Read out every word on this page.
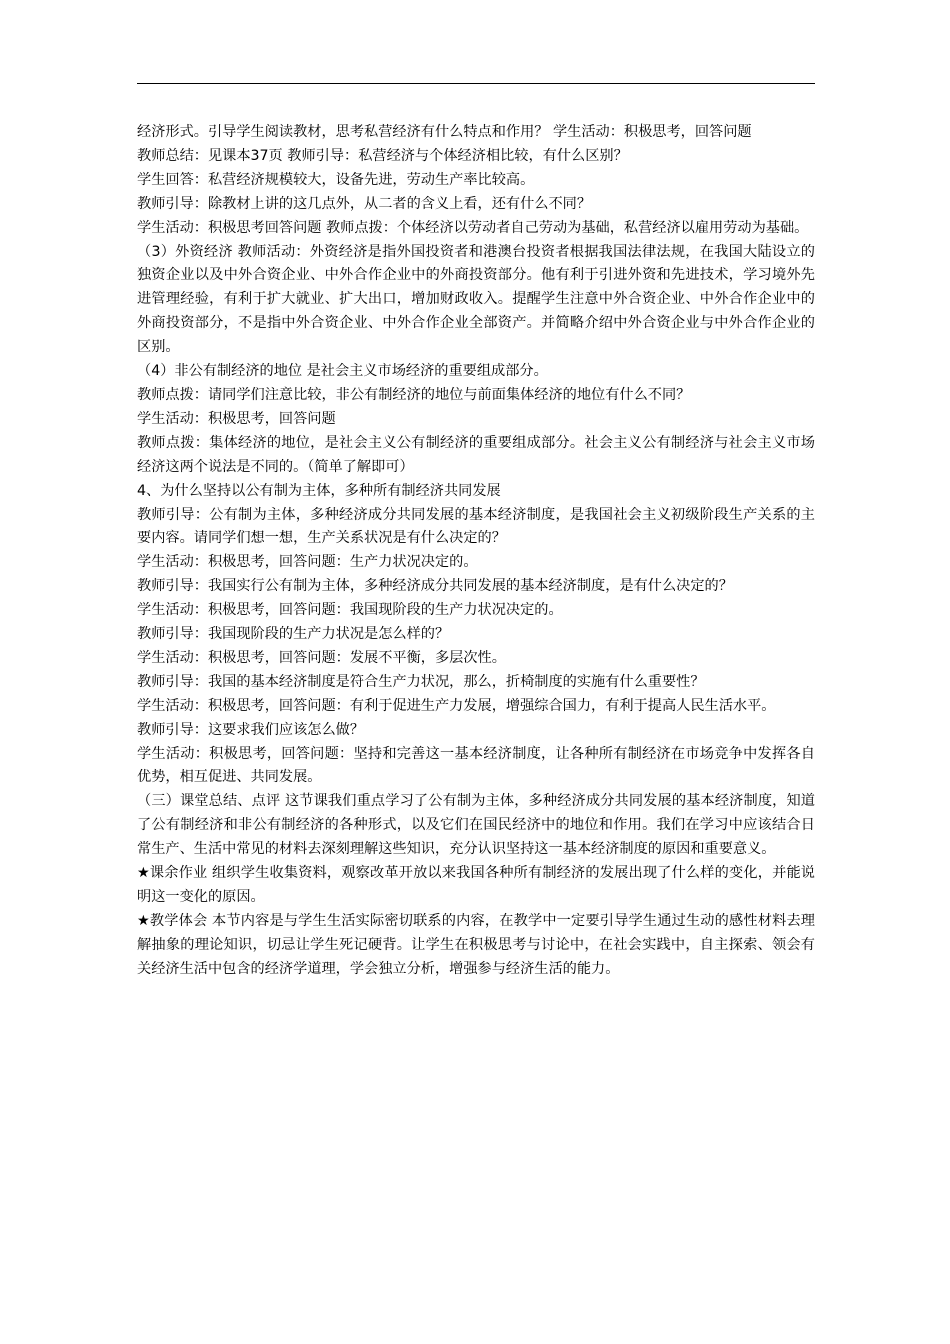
经济形式。引导学生阅读教材，思考私营经济有什么特点和作用？ 学生活动：积极思考，回答问题

教师总结：见课本37页 教师引导：私营经济与个体经济相比较，有什么区别？

学生回答：私营经济规模较大，设备先进，劳动生产率比较高。

教师引导：除教材上讲的这几点外，从二者的含义上看，还有什么不同？

学生活动：积极思考回答问题 教师点拨：个体经济以劳动者自己劳动为基础，私营经济以雇用劳动为基础。

（3）外资经济 教师活动：外资经济是指外国投资者和港澳台投资者根据我国法律法规，在我国大陆设立的独资企业以及中外合资企业、中外合作企业中的外商投资部分。他有利于引进外资和先进技术，学习境外先进管理经验，有利于扩大就业、扩大出口，增加财政收入。提醒学生注意中外合资企业、中外合作企业中的外商投资部分，不是指中外合资企业、中外合作企业全部资产。并简略介绍中外合资企业与中外合作企业的区别。

（4）非公有制经济的地位 是社会主义市场经济的重要组成部分。

教师点拨：请同学们注意比较，非公有制经济的地位与前面集体经济的地位有什么不同？

学生活动：积极思考，回答问题

教师点拨：集体经济的地位，是社会主义公有制经济的重要组成部分。社会主义公有制经济与社会主义市场经济这两个说法是不同的。（简单了解即可）

4、为什么坚持以公有制为主体，多种所有制经济共同发展

教师引导：公有制为主体，多种经济成分共同发展的基本经济制度，是我国社会主义初级阶段生产关系的主要内容。请同学们想一想，生产关系状况是有什么决定的？

学生活动：积极思考，回答问题：生产力状况决定的。

教师引导：我国实行公有制为主体，多种经济成分共同发展的基本经济制度，是有什么决定的？

学生活动：积极思考，回答问题：我国现阶段的生产力状况决定的。

教师引导：我国现阶段的生产力状况是怎么样的？

学生活动：积极思考，回答问题：发展不平衡，多层次性。

教师引导：我国的基本经济制度是符合生产力状况，那么，折椅制度的实施有什么重要性？

学生活动：积极思考，回答问题：有利于促进生产力发展，增强综合国力，有利于提高人民生活水平。

教师引导：这要求我们应该怎么做？

学生活动：积极思考，回答问题：坚持和完善这一基本经济制度，让各种所有制经济在市场竞争中发挥各自优势，相互促进、共同发展。

（三）课堂总结、点评 这节课我们重点学习了公有制为主体，多种经济成分共同发展的基本经济制度，知道了公有制经济和非公有制经济的各种形式，以及它们在国民经济中的地位和作用。我们在学习中应该结合日常生产、生活中常见的材料去深刻理解这些知识，充分认识坚持这一基本经济制度的原因和重要意义。

★课余作业 组织学生收集资料，观察改革开放以来我国各种所有制经济的发展出现了什么样的变化，并能说明这一变化的原因。

★教学体会 本节内容是与学生生活实际密切联系的内容，在教学中一定要引导学生通过生动的感性材料去理解抽象的理论知识，切忌让学生死记硬背。让学生在积极思考与讨论中，在社会实践中，自主探索、领会有关经济生活中包含的经济学道理，学会独立分析，增强参与经济生活的能力。
